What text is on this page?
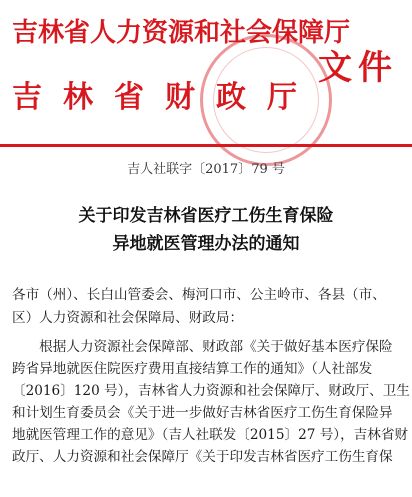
吉林省人力资源和社会保障厅
吉林省财政厅
文件
吉人社联字〔2017〕79 号
关于印发吉林省医疗工伤生育保险
异地就医管理办法的通知
各市（州）、长白山管委会、梅河口市、公主岭市、各县（市、
区）人力资源和社会保障局、财政局：
　　根据人力资源社会保障部、财政部《关于做好基本医疗保险
跨省异地就医住院医疗费用直接结算工作的通知》（人社部发
〔2016〕120 号），吉林省人力资源和社会保障厅、财政厅、卫生
和计划生育委员会《关于进一步做好吉林省医疗工伤生育保险异
地就医管理工作的意见》（吉人社联发〔2015〕27 号），吉林省财
政厅、人力资源和社会保障厅《关于印发吉林省医疗工伤生育保
